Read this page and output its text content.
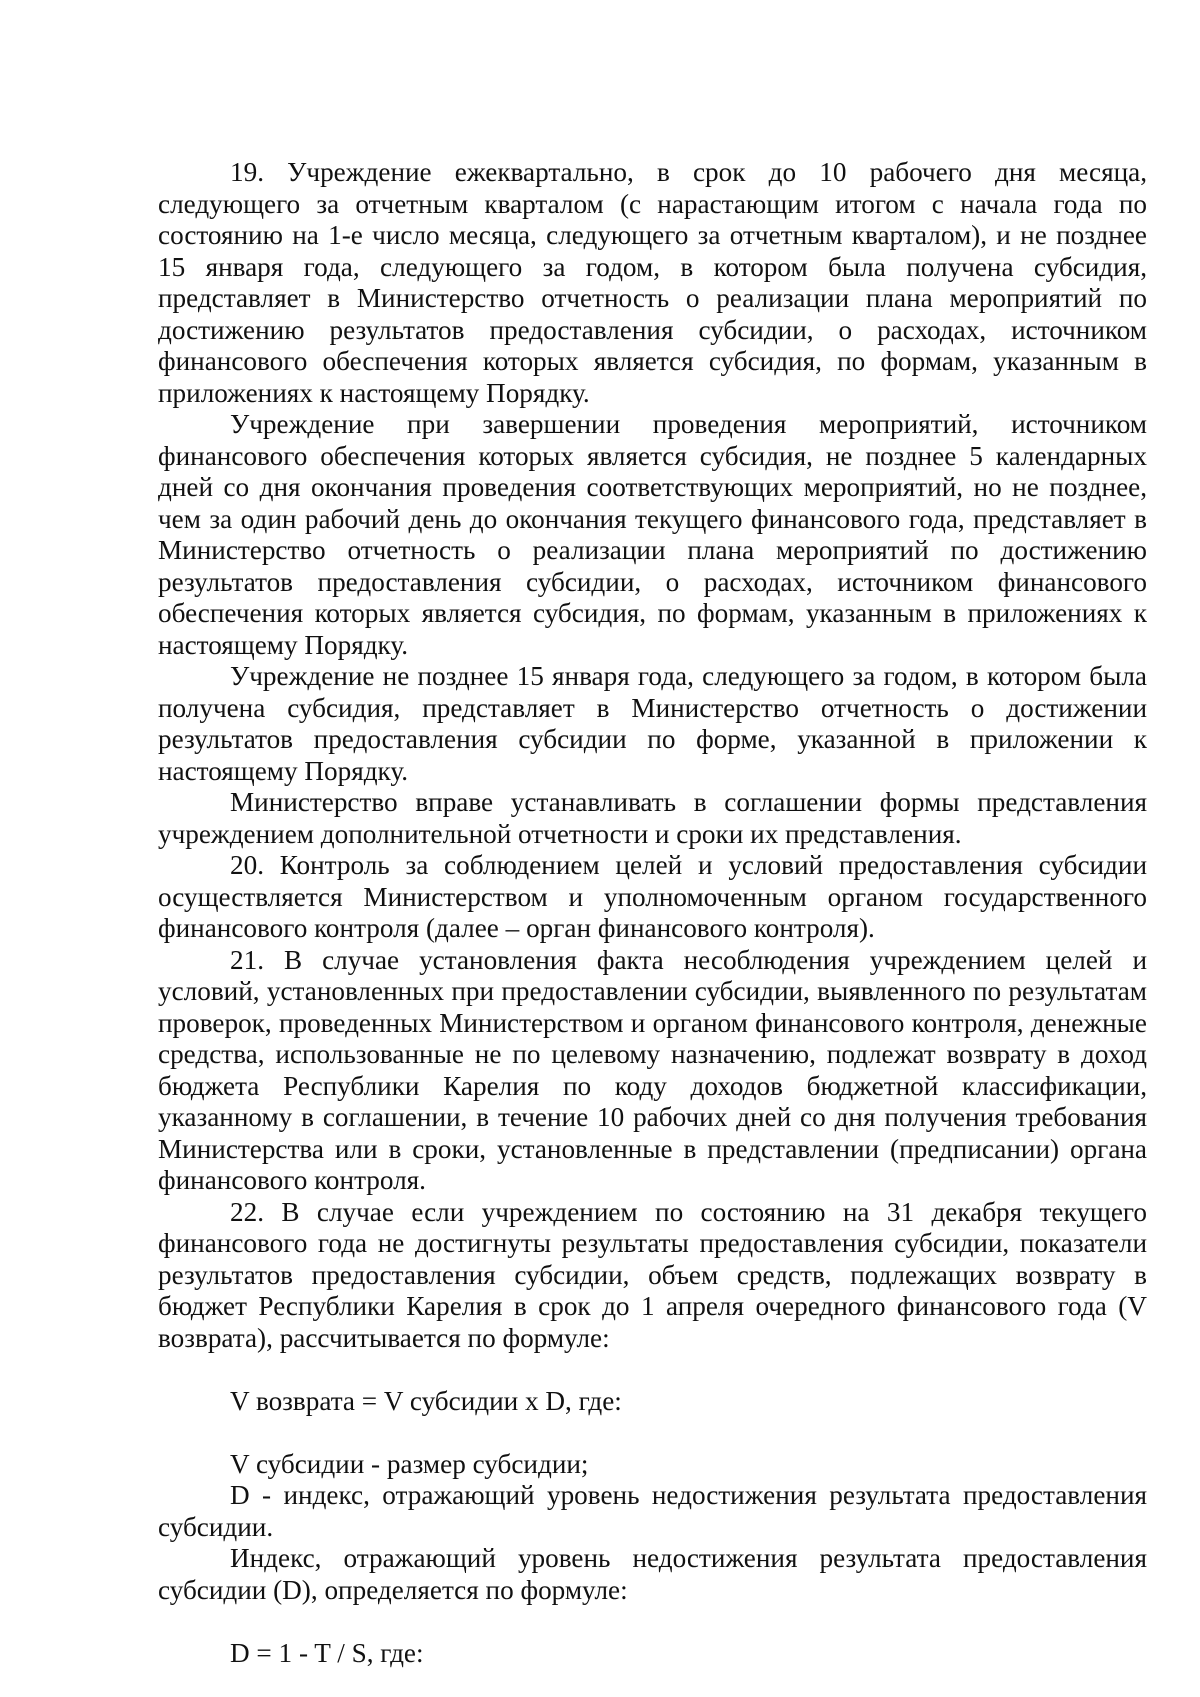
19. Учреждение ежеквартально, в срок до 10 рабочего дня месяца, следующего за отчетным кварталом (с нарастающим итогом с начала года по состоянию на 1-е число месяца, следующего за отчетным кварталом), и не позднее 15 января года, следующего за годом, в котором была получена субсидия, представляет в Министерство отчетность о реализации плана мероприятий по достижению результатов предоставления субсидии, о расходах, источником финансового обеспечения которых является субсидия, по формам, указанным в приложениях к настоящему Порядку.

Учреждение при завершении проведения мероприятий, источником финансового обеспечения которых является субсидия, не позднее 5 календарных дней со дня окончания проведения соответствующих мероприятий, но не позднее, чем за один рабочий день до окончания текущего финансового года, представляет в Министерство отчетность о реализации плана мероприятий по достижению результатов предоставления субсидии, о расходах, источником финансового обеспечения которых является субсидия, по формам, указанным в приложениях к настоящему Порядку.

Учреждение не позднее 15 января года, следующего за годом, в котором была получена субсидия, представляет в Министерство отчетность о достижении результатов предоставления субсидии по форме, указанной в приложении к настоящему Порядку.

Министерство вправе устанавливать в соглашении формы представления учреждением дополнительной отчетности и сроки их представления.

20. Контроль за соблюдением целей и условий предоставления субсидии осуществляется Министерством и уполномоченным органом государственного финансового контроля (далее – орган финансового контроля).

21. В случае установления факта несоблюдения учреждением целей и условий, установленных при предоставлении субсидии, выявленного по результатам проверок, проведенных Министерством и органом финансового контроля, денежные средства, использованные не по целевому назначению, подлежат возврату в доход бюджета Республики Карелия по коду доходов бюджетной классификации, указанному в соглашении, в течение 10 рабочих дней со дня получения требования Министерства или в сроки, установленные в представлении (предписании) органа финансового контроля.

22. В случае если учреждением по состоянию на 31 декабря текущего финансового года не достигнуты результаты предоставления субсидии, показатели результатов предоставления субсидии, объем средств, подлежащих возврату в бюджет Республики Карелия в срок до 1 апреля очередного финансового года (V возврата), рассчитывается по формуле:

V возврата = V субсидии x D, где:

V субсидии - размер субсидии;

D - индекс, отражающий уровень недостижения результата предоставления субсидии.

Индекс, отражающий уровень недостижения результата предоставления субсидии (D), определяется по формуле:

D = 1 - T / S, где:
